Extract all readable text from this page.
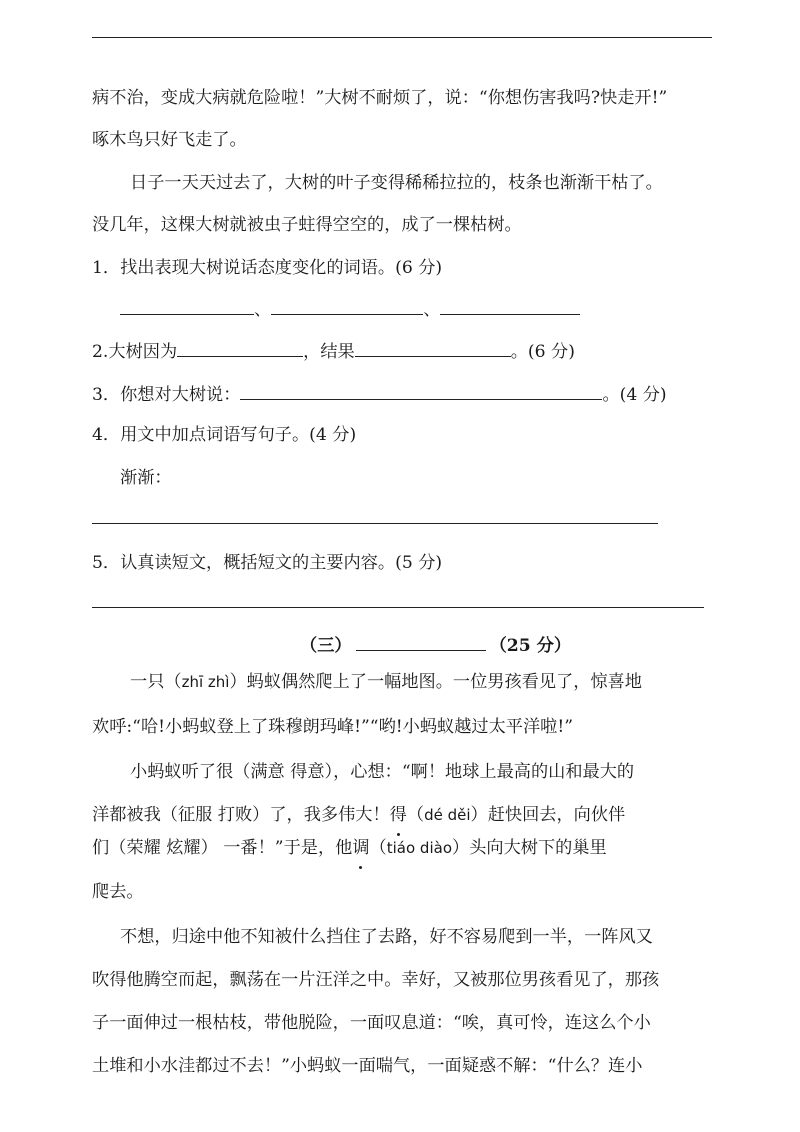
病不治，变成大病就危险啦！”大树不耐烦了，说：“你想伤害我吗?快走开!”
啄木鸟只好飞走了。
日子一天天过去了，大树的叶子变得稀稀拉拉的，枝条也渐渐干枯了。
没几年，这棵大树就被虫子蛀得空空的，成了一棵枯树。
1．找出表现大树说话态度变化的词语。(6 分)
、	、
2.大树因为	，结果	。(6 分)
3．你想对大树说：	。(4 分)
4．用文中加点词语写句子。(4 分)
渐渐：
5．认真读短文，概括短文的主要内容。(5 分)
（三）	（25 分）
一只（zhī zhì）蚂蚁偶然爬上了一幅地图。一位男孩看见了，惊喜地
欢呼:“哈!小蚂蚁登上了珠穆朗玛峰!”“哟!小蚂蚁越过太平洋啦!”
小蚂蚁听了很（满意 得意），心想：“啊！地球上最高的山和最大的
洋都被我（征服 打败）了，我多伟大！得（dé děi）赶快回去，向伙伴
们（荣耀 炫耀） 一番！”于是，他调（tiáo diào）头向大树下的巢里
爬去。
不想，归途中他不知被什么挡住了去路，好不容易爬到一半，一阵风又
吹得他腾空而起，飘荡在一片汪洋之中。幸好，又被那位男孩看见了，那孩
子一面伸过一根枯枝，带他脱险，一面叹息道：“唉，真可怜，连这么个小
土堆和小水洼都过不去！”小蚂蚁一面喘气，一面疑惑不解：“什么？连小
